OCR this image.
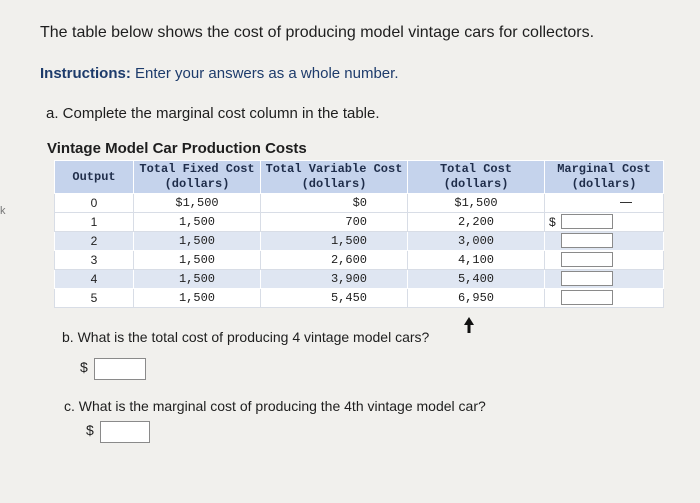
k
The table below shows the cost of producing model vintage cars for collectors.
Instructions: Enter your answers as a whole number.
a. Complete the marginal cost column in the table.
Vintage Model Car Production Costs
Output	Total Fixed Cost (dollars)	Total Variable Cost (dollars)	Total Cost (dollars)	Marginal Cost (dollars)
0	$1,500	$0	$1,500	
1	1,500	700	2,200	$

2	1,500	1,500	3,000	

3	1,500	2,600	4,100	

4	1,500	3,900	5,400	

5	1,500	5,450	6,950	
b. What is the total cost of producing 4 vintage model cars?
$
c. What is the marginal cost of producing the 4th vintage model car?
$
